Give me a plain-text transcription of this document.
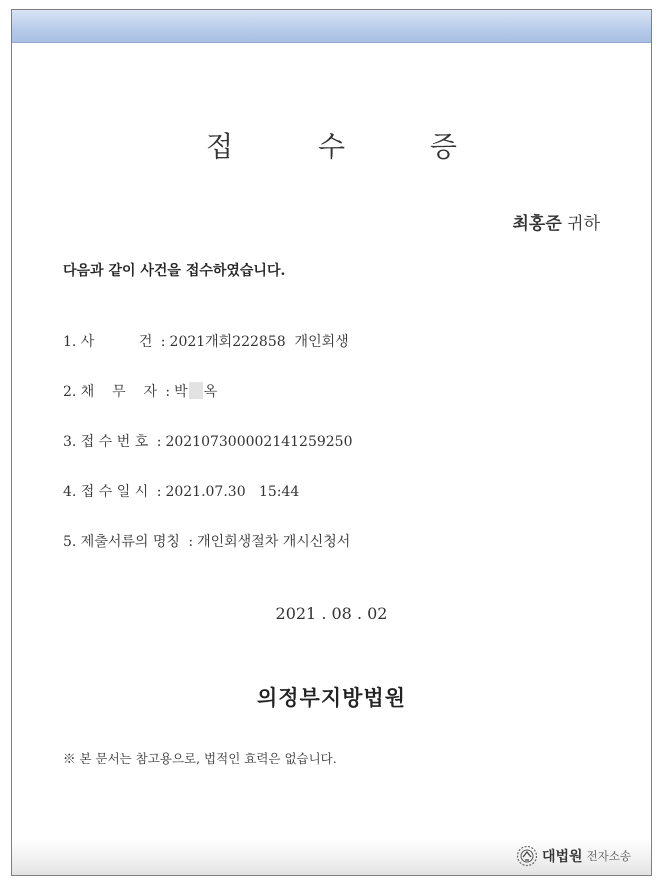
접 수 증
최홍준 귀하
다음과 같이 사건을 접수하였습니다.
1. 사          건 : 2021개회222858  개인회생
2. 채    무    자 : 박 옥
3. 접 수 번 호 : 20210730000214125925​0
4. 접 수 일 시 : 2021.07.30   15:44
5. 제출서류의 명칭 : 개인회생절차 개시신청서
2021 . 08 . 02
의정부지방법원
※ 본 문서는 참고용으로, 법적인 효력은 없습니다.
대법원 전자소송
